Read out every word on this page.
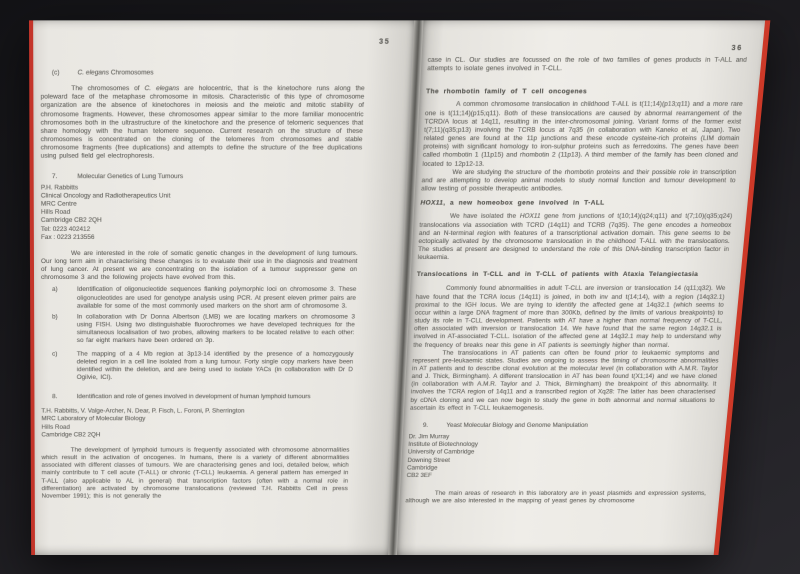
35
(c)	C. elegans Chromosomes

The chromosomes of C. elegans are holocentric, that is the kinetochore runs along the poleward face of the metaphase chromosome in mitosis. Characteristic of this type of chromosome organization are the absence of kinetochores in meiosis and the meiotic and mitotic stability of chromosome fragments. However, these chromosomes appear similar to the more familiar monocentric chromosomes both in the ultrastructure of the kinetochore and the presence of telomeric sequences that share homology with the human telomere sequence. Current research on the structure of these chromosomes is concentrated on the cloning of the telomeres from chromosomes and stable chromosome fragments (free duplications) and attempts to define the structure of the free duplications using pulsed field gel electrophoresis.

7.	Molecular Genetics of Lung Tumours
P.H. Rabbitts
Clinical Oncology and Radiotherapeutics Unit
MRC Centre
Hills Road
Cambridge CB2 2QH
Tel: 0223 402412
Fax : 0223 213556

We are interested in the role of somatic genetic changes in the development of lung tumours. Our long term aim in characterising these changes is to evaluate their use in the diagnosis and treatment of lung cancer. At present we are concentrating on the isolation of a tumour suppressor gene on chromosome 3 and the following projects have evolved from this.

a)	Identification of oligonucleotide sequences flanking polymorphic loci on chromosome 3. These oligonucleotides are used for genotype analysis using PCR. At present eleven primer pairs are available for some of the most commonly used markers on the short arm of chromosome 3.
b)	In collaboration with Dr Donna Albertson (LMB) we are locating markers on chromosome 3 using FISH. Using two distinguishable fluorochromes we have developed techniques for the simultaneous localisation of two probes, allowing markers to be located relative to each other: so far eight markers have been ordered on 3p.
c)	The mapping of a 4 Mb region at 3p13-14 identified by the presence of a homozygously deleted region in a cell line isolated from a lung tumour. Forty single copy markers have been identified within the deletion, and are being used to isolate YACs (in collaboration with Dr D Ogilvie, ICI).
8.	Identification and role of genes involved in development of human lymphoid tumours
T.H. Rabbitts, V. Valge-Archer, N. Dear, P. Fisch, L. Foroni, P. Sherrington
MRC Laboratory of Molecular Biology
Hills Road
Cambridge CB2 2QH

The development of lymphoid tumours is frequently associated with chromosome abnormalities which result in the activation of oncogenes. In humans, there is a variety of different abnormalities associated with different classes of tumours. We are characterising genes and loci, detailed below, which mainly contribute to T cell acute (T-ALL) or chronic (T-CLL) leukaemia. A general pattern has emerged in T-ALL (also applicable to AL in general) that transcription factors (often with a normal role in differentiation) are activated by chromosome translocations (reviewed T.H. Rabbitts Cell in press November 1991); this is not generally the

36

case in CL. Our studies are focussed on the role of two families of genes products in T-ALL and attempts to isolate genes involved in T-CLL.

The rhombotin family of T cell oncogenes

A common chromosome translocation in childhood T-ALL is t(11;14)(p13;q11) and a more rare one is t(11;14)(p15;q11). Both of these translocations are caused by abnormal rearrangement of the TCRD/A locus at 14q11, resulting in the inter-chromosomal joining. Variant forms of the former exist t(7;11)(q35;p13) involving the TCRB locus at 7q35 (in collaboration with Kaneko et al, Japan). Two related genes are found at the 11p junctions and these encode cysteine-rich proteins (LIM domain proteins) with significant homology to iron-sulphur proteins such as ferredoxins. The genes have been called rhombotin 1 (11p15) and rhombotin 2 (11p13). A third member of the family has been cloned and located to 12p12-13.

We are studying the structure of the rhombotin proteins and their possible role in transcription and are attempting to develop animal models to study normal function and tumour development to allow testing of possible therapeutic antibodies.

HOX11, a new homeobox gene involved in T-ALL

We have isolated the HOX11 gene from junctions of t(10;14)(q24;q11) and t(7;10)(q35;q24) translocations via association with TCRD (14q11) and TCRB (7q35). The gene encodes a homeobox and an N-terminal region with features of a transcriptional activation domain. This gene seems to be ectopically activated by the chromosome translocation in the childhood T-ALL with the translocations. The studies at present are designed to understand the role of this DNA-binding transcription factor in leukaemia.

Translocations in T-CLL and in T-CLL of patients with Ataxia Telangiectasia

Commonly found abnormalities in adult T-CLL are inversion or translocation 14 (q11;q32). We have found that the TCRA locus (14q11) is joined, in both inv and t(14;14), with a region (14q32.1) proximal to the IGH locus. We are trying to identify the affected gene at 14q32.1 (which seems to occur within a large DNA fragment of more than 300Kb, defined by the limits of various breakpoints) to study its role in T-CLL development. Patients with AT have a higher than normal frequency of T-CLL, often associated with inversion or translocation 14. We have found that the same region 14q32.1 is involved in AT-associated T-CLL. Isolation of the affected gene at 14q32.1 may help to understand why the frequency of breaks near this gene in AT patients is seemingly higher than normal.

The translocations in AT patients can often be found prior to leukaemic symptoms and represent pre-leukaemic states. Studies are ongoing to assess the timing of chromosome abnormalities in AT patients and to describe clonal evolution at the molecular level (in collaboration with A.M.R. Taylor and J. Thick, Birmingham). A different translocation in AT has been found t(X1;14) and we have cloned (in collaboration with A.M.R. Taylor and J. Thick, Birmingham) the breakpoint of this abnormality. It involves the TCRA region of 14q11 and a transcribed region of Xq28: The latter has been characterised by cDNA cloning and we can now begin to study the gene in both abnormal and normal situations to ascertain its effect in T-CLL leukaemogenesis.

9.	Yeast Molecular Biology and Genome Manipulation
Dr. Jim Murray
Institute of Biotechnology
University of Cambridge
Downing Street
Cambridge
CB2 3EF

The main areas of research in this laboratory are in yeast plasmids and expression systems, although we are also interested in the mapping of yeast genes by chromosome
